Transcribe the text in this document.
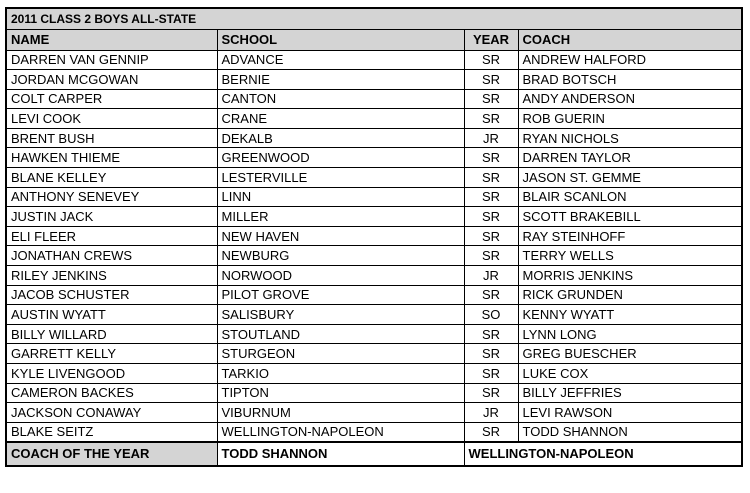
2011 CLASS 2 BOYS ALL-STATE
NAME	SCHOOL	YEAR	COACH
DARREN VAN GENNIP	ADVANCE	SR	ANDREW HALFORD
JORDAN MCGOWAN	BERNIE	SR	BRAD BOTSCH
COLT CARPER	CANTON	SR	ANDY ANDERSON
LEVI COOK	CRANE	SR	ROB GUERIN
BRENT BUSH	DEKALB	JR	RYAN NICHOLS
HAWKEN THIEME	GREENWOOD	SR	DARREN TAYLOR
BLANE KELLEY	LESTERVILLE	SR	JASON ST. GEMME
ANTHONY SENEVEY	LINN	SR	BLAIR SCANLON
JUSTIN JACK	MILLER	SR	SCOTT BRAKEBILL
ELI FLEER	NEW HAVEN	SR	RAY STEINHOFF
JONATHAN CREWS	NEWBURG	SR	TERRY WELLS
RILEY JENKINS	NORWOOD	JR	MORRIS JENKINS
JACOB SCHUSTER	PILOT GROVE	SR	RICK GRUNDEN
AUSTIN WYATT	SALISBURY	SO	KENNY WYATT
BILLY WILLARD	STOUTLAND	SR	LYNN LONG
GARRETT KELLY	STURGEON	SR	GREG BUESCHER
KYLE LIVENGOOD	TARKIO	SR	LUKE COX
CAMERON BACKES	TIPTON	SR	BILLY JEFFRIES
JACKSON CONAWAY	VIBURNUM	JR	LEVI RAWSON
BLAKE SEITZ	WELLINGTON-NAPOLEON	SR	TODD SHANNON
COACH OF THE YEAR	TODD SHANNON	WELLINGTON-NAPOLEON	
